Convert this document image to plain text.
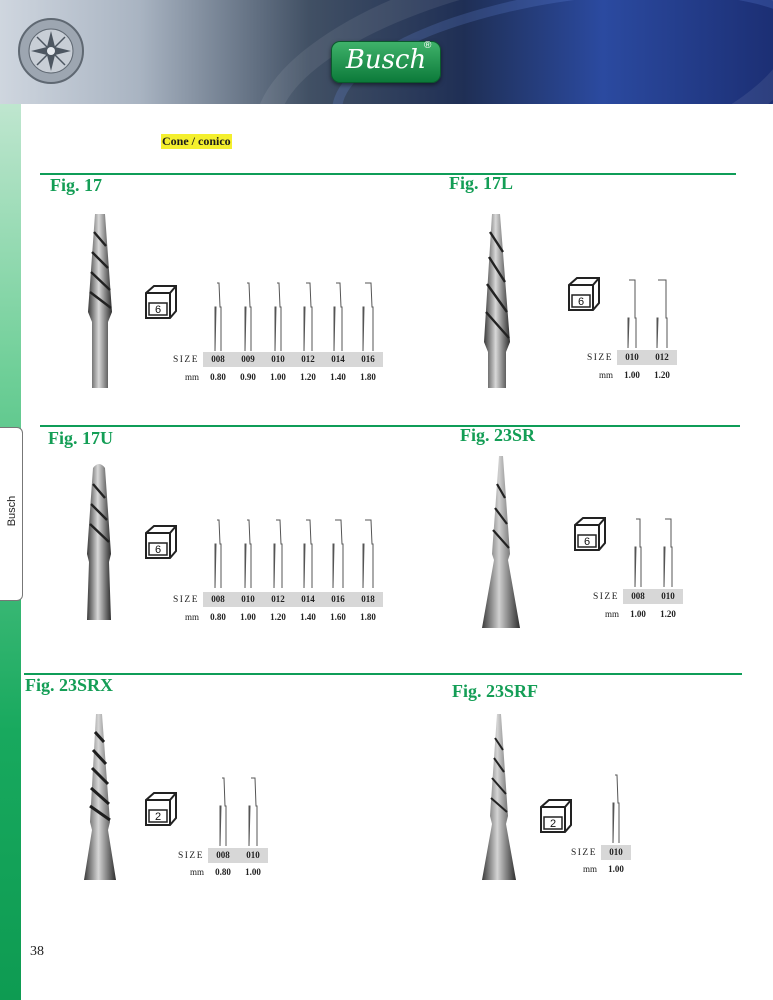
Busch
®
Busch
Cone / conico
Fig. 17
6
SIZE	008	009	010	012	014	016
mm	0.80	0.90	1.00	1.20	1.40	1.80
Fig. 17L
6
SIZE	010	012
mm	1.00	1.20
Fig. 17U
6
SIZE	008	010	012	014	016	018
mm	0.80	1.00	1.20	1.40	1.60	1.80
Fig. 23SR
6
SIZE	008	010
mm	1.00	1.20
Fig. 23SRX
2
SIZE	008	010
mm	0.80	1.00
Fig. 23SRF
2
SIZE	010
mm	1.00
38
